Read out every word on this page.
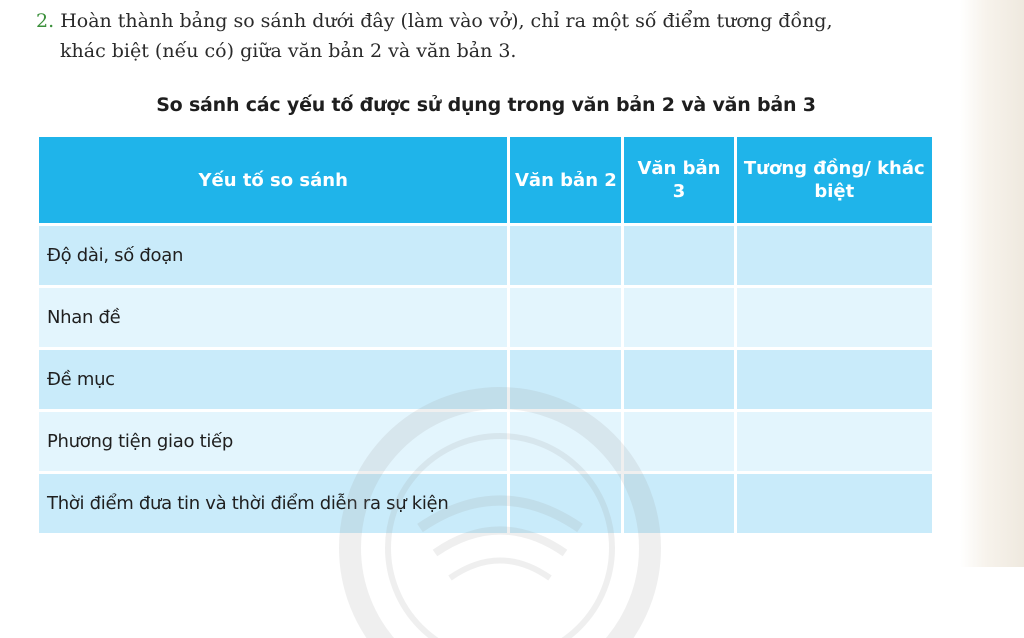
2. Hoàn thành bảng so sánh dưới đây (làm vào vở), chỉ ra một số điểm tương đồng,
khác biệt (nếu có) giữa văn bản 2 và văn bản 3.
So sánh các yếu tố được sử dụng trong văn bản 2 và văn bản 3
Yếu tố so sánh	Văn bản 2	Văn bản 3	Tương đồng/ khác biệt
Độ dài, số đoạn			
Nhan đề			
Đề mục			
Phương tiện giao tiếp			
Thời điểm đưa tin và thời điểm diễn ra sự kiện			
